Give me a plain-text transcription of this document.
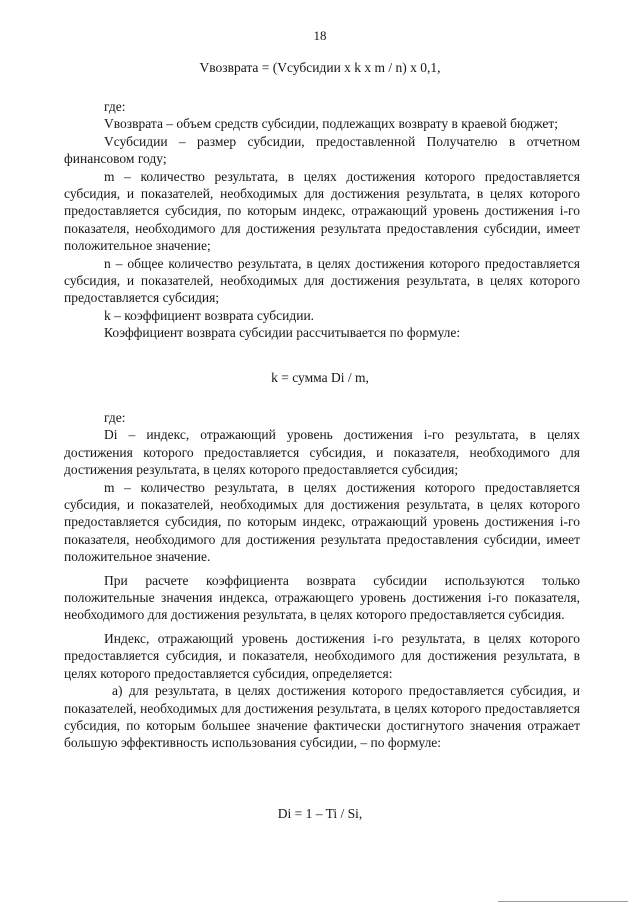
18
Vвозврата = (Vсубсидии x k x m / n) x 0,1,

где:

Vвозврата – объем средств субсидии, подлежащих возврату в краевой бюджет;

Vсубсидии – размер субсидии, предоставленной Получателю в отчетном финансовом году;

m – количество результата, в целях достижения которого предоставляется субсидия, и показателей, необходимых для достижения результата, в целях которого предоставляется субсидия, по которым индекс, отражающий уровень достижения i-го показателя, необходимого для достижения результата предоставления субсидии, имеет положительное значение;

n – общее количество результата, в целях достижения которого предоставляется субсидия, и показателей, необходимых для достижения результата, в целях которого предоставляется субсидия;

k – коэффициент возврата субсидии.

Коэффициент возврата субсидии рассчитывается по формуле:

k = сумма Di / m,

где:

Di – индекс, отражающий уровень достижения i-го результата, в целях достижения которого предоставляется субсидия, и показателя, необходимого для достижения результата, в целях которого предоставляется субсидия;

m – количество результата, в целях достижения которого предоставляется субсидия, и показателей, необходимых для достижения результата, в целях которого предоставляется субсидия, по которым индекс, отражающий уровень достижения i-го показателя, необходимого для достижения результата предоставления субсидии, имеет положительное значение.

При расчете коэффициента возврата субсидии используются только положительные значения индекса, отражающего уровень достижения i-го показателя, необходимого для достижения результата, в целях которого предоставляется субсидия.

Индекс, отражающий уровень достижения i-го результата, в целях которого предоставляется субсидия, и показателя, необходимого для достижения результата, в целях которого предоставляется субсидия, определяется:

а) для результата, в целях достижения которого предоставляется субсидия, и показателей, необходимых для достижения результата, в целях которого предоставляется субсидия, по которым большее значение фактически достигнутого значения отражает большую эффективность использования субсидии, – по формуле:

Di = 1 – Ti / Si,
